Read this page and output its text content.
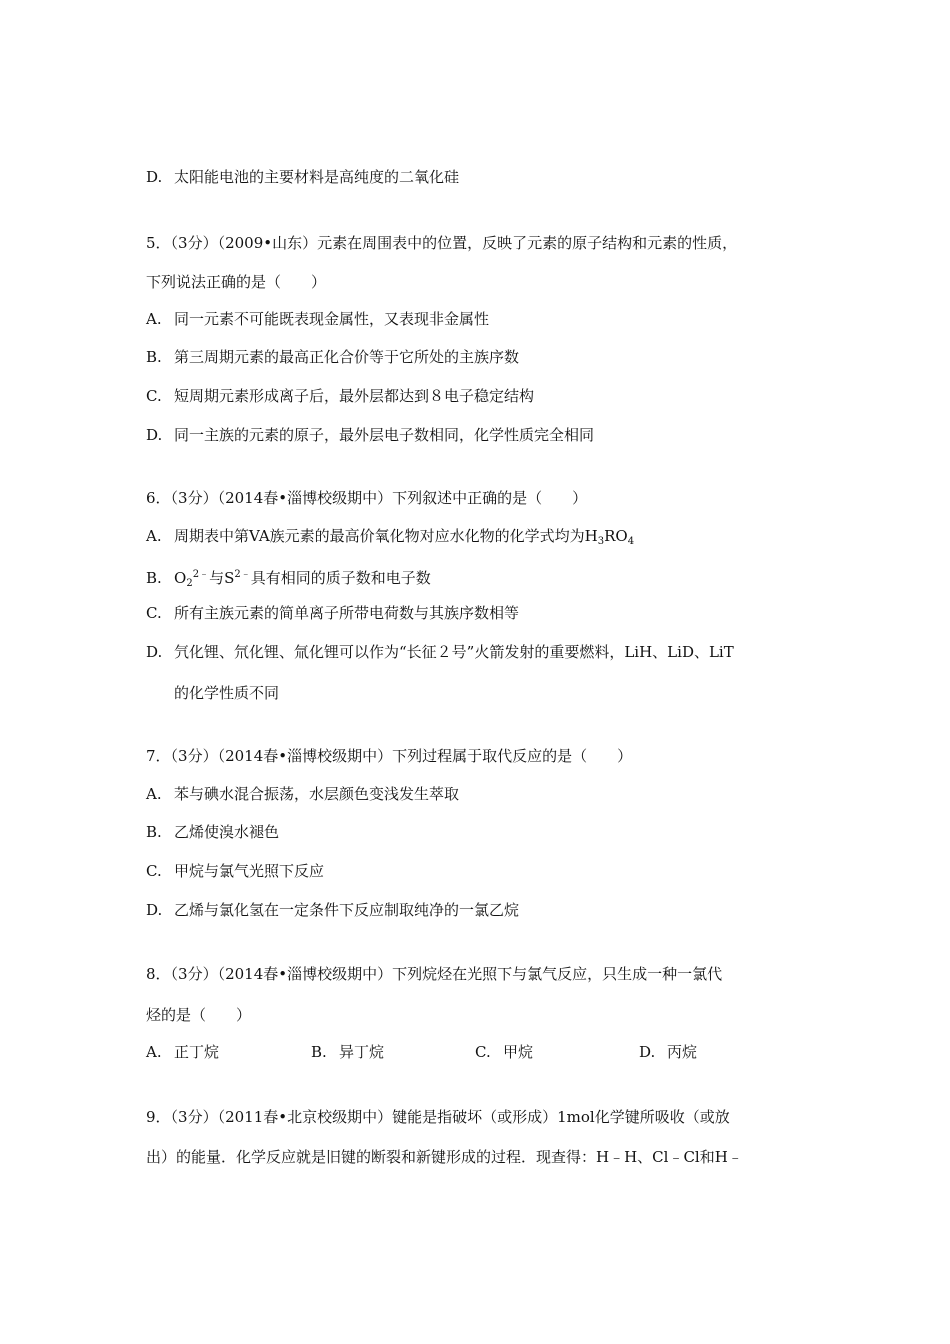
D. 太阳能电池的主要材料是高纯度的二氧化硅

5．（3分）（2009•山东）元素在周围表中的位置，反映了元素的原子结构和元素的性质，

下列说法正确的是（　　）

A. 同一元素不可能既表现金属性，又表现非金属性

B. 第三周期元素的最高正化合价等于它所处的主族序数

C. 短周期元素形成离子后，最外层都达到８电子稳定结构

D. 同一主族的元素的原子，最外层电子数相同，化学性质完全相同

6．（3分）（2014春•淄博校级期中）下列叙述中正确的是（　　）

A. 周期表中第VA族元素的最高价氧化物对应水化物的化学式均为$H_3RO_4$

B. $O_2^{2﹣}$与$S^{2﹣}$具有相同的质子数和电子数

C. 所有主族元素的简单离子所带电荷数与其族序数相等

D. 氕化锂、氘化锂、氚化锂可以作为“长征２号”火箭发射的重要燃料，LiH、LiD、LiT

的化学性质不同

7．（3分）（2014春•淄博校级期中）下列过程属于取代反应的是（　　）

A. 苯与碘水混合振荡，水层颜色变浅发生萃取

B. 乙烯使溴水褪色

C. 甲烷与氯气光照下反应

D. 乙烯与氯化氢在一定条件下反应制取纯净的一氯乙烷

8．（3分）（2014春•淄博校级期中）下列烷烃在光照下与氯气反应，只生成一种一氯代

烃的是（　　）

A. 正丁烷	B. 异丁烷	C. 甲烷	D. 丙烷

9．（3分）（2011春•北京校级期中）键能是指破坏（或形成）1mol化学键所吸收（或放

出）的能量．化学反应就是旧键的断裂和新键形成的过程．现查得：H﹣H、Cl﹣Cl和H﹣
